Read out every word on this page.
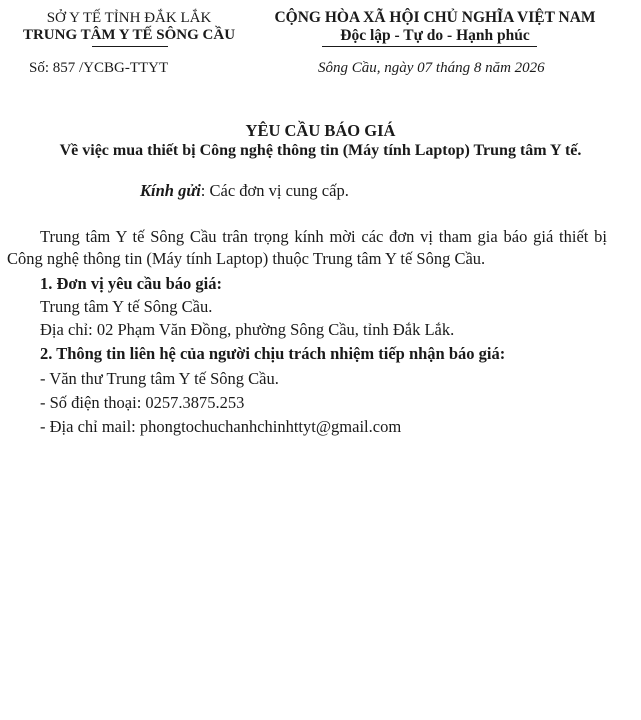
SỞ Y TẾ TỈNH ĐẮK LẮK
TRUNG TÂM Y TẾ SÔNG CẦU
Số: 857 /YCBG-TTYT
CỘNG HÒA XÃ HỘI CHỦ NGHĨA VIỆT NAM
Độc lập - Tự do - Hạnh phúc
Sông Cầu, ngày 07 tháng 8 năm 2026
YÊU CẦU BÁO GIÁ
Về việc mua thiết bị Công nghệ thông tin (Máy tính Laptop) Trung tâm Y tế.
Kính gửi: Các đơn vị cung cấp.
Trung tâm Y tế Sông Cầu trân trọng kính mời các đơn vị tham gia báo giá thiết bị Công nghệ thông tin (Máy tính Laptop) thuộc Trung tâm Y tế Sông Cầu.
1. Đơn vị yêu cầu báo giá:
Trung tâm Y tế Sông Cầu.
Địa chỉ: 02 Phạm Văn Đồng, phường Sông Cầu, tỉnh Đắk Lắk.
2. Thông tin liên hệ của người chịu trách nhiệm tiếp nhận báo giá:
- Văn thư Trung tâm Y tế Sông Cầu.
- Số điện thoại: 0257.3875.253
- Địa chỉ mail: phongtochuchanhchinhttyt@gmail.com
